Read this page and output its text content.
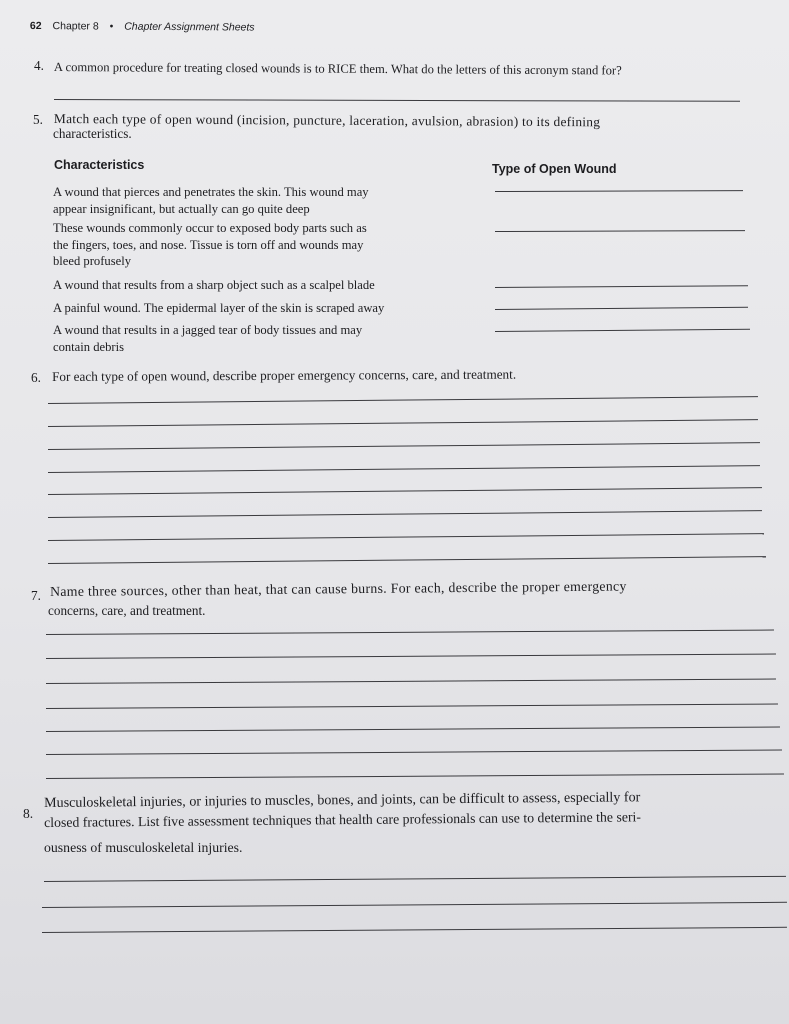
62 Chapter 8 • Chapter Assignment Sheets
4. A common procedure for treating closed wounds is to RICE them. What do the letters of this acronym stand for?
5. Match each type of open wound (incision, puncture, laceration, avulsion, abrasion) to its defining
characteristics.
Characteristics	Type of Open Wound
A wound that pierces and penetrates the skin. This wound may
appear insignificant, but actually can go quite deep
These wounds commonly occur to exposed body parts such as
the fingers, toes, and nose. Tissue is torn off and wounds may
bleed profusely
A wound that results from a sharp object such as a scalpel blade
A painful wound. The epidermal layer of the skin is scraped away
A wound that results in a jagged tear of body tissues and may
contain debris
6. For each type of open wound, describe proper emergency concerns, care, and treatment.
7. Name three sources, other than heat, that can cause burns. For each, describe the proper emergency
concerns, care, and treatment.
8.
Musculoskeletal injuries, or injuries to muscles, bones, and joints, can be difficult to assess, especially for
closed fractures. List five assessment techniques that health care professionals can use to determine the seri-
ousness of musculoskeletal injuries.
